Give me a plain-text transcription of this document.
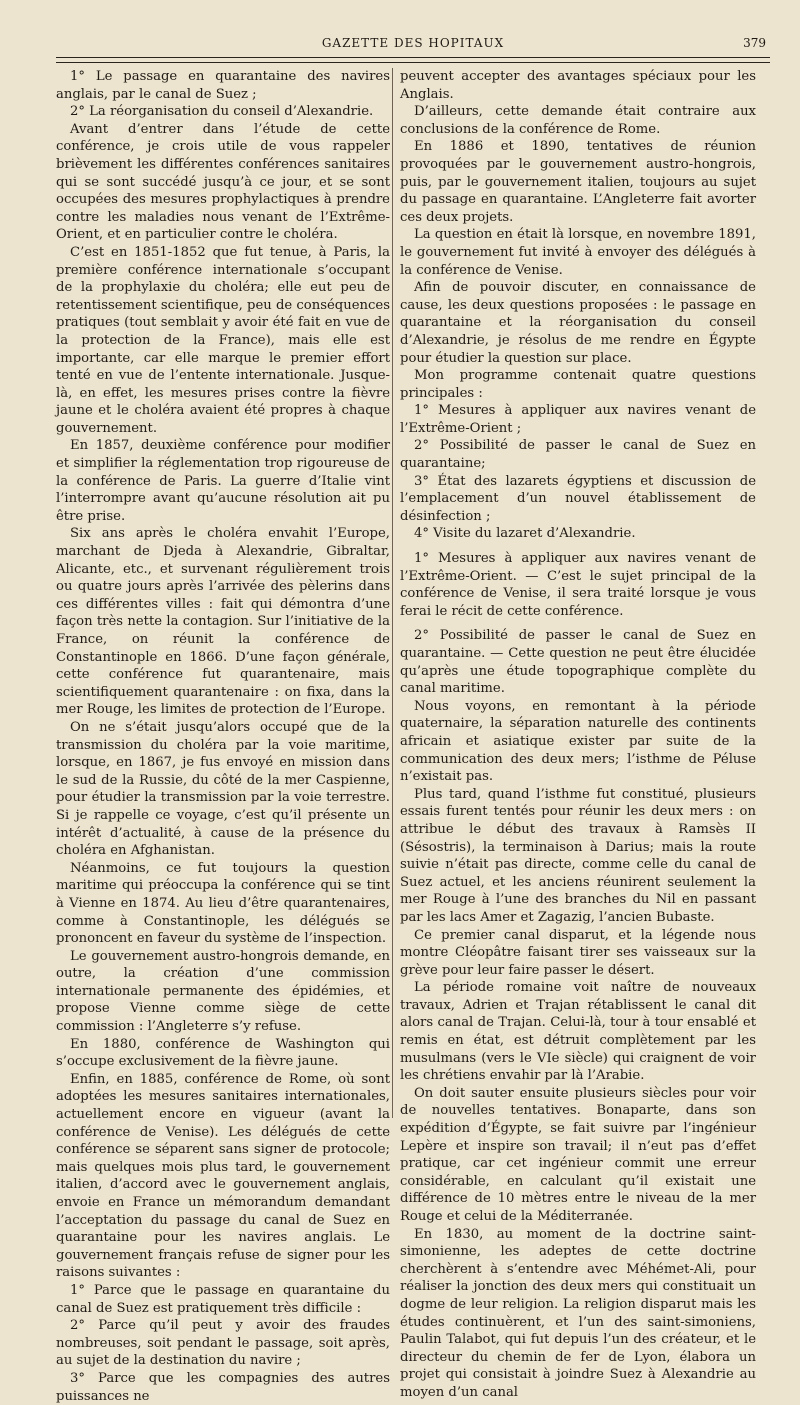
GAZETTE DES HOPITAUX	379

1° Le passage en quarantaine des navires anglais, par le canal de Suez ;

2° La réorganisation du conseil d’Alexandrie.

Avant d’entrer dans l’étude de cette conférence, je crois utile de vous rappeler brièvement les différentes conférences sanitaires qui se sont succédé jusqu’à ce jour, et se sont occupées des mesures prophylactiques à prendre contre les maladies nous venant de l’Extrême-Orient, et en particulier contre le choléra.

C’est en 1851-1852 que fut tenue, à Paris, la première conférence internationale s’occupant de la prophylaxie du choléra; elle eut peu de retentissement scientifique, peu de conséquences pratiques (tout semblait y avoir été fait en vue de la protection de la France), mais elle est importante, car elle marque le premier effort tenté en vue de l’entente internationale. Jusque-là, en effet, les mesures prises contre la fièvre jaune et le choléra avaient été propres à chaque gouvernement.

En 1857, deuxième conférence pour modifier et simplifier la réglementation trop rigoureuse de la conférence de Paris. La guerre d’Italie vint l’interrompre avant qu’aucune résolution ait pu être prise.

Six ans après le choléra envahit l’Europe, marchant de Djeda à Alexandrie, Gibraltar, Alicante, etc., et survenant régulièrement trois ou quatre jours après l’arrivée des pèlerins dans ces différentes villes : fait qui démontra d’une façon très nette la contagion. Sur l’initiative de la France, on réunit la conférence de Constantinople en 1866. D’une façon générale, cette conférence fut quarantenaire, mais scientifiquement quarantenaire : on fixa, dans la mer Rouge, les limites de protection de l’Europe.

On ne s’était jusqu’alors occupé que de la transmission du choléra par la voie maritime, lorsque, en 1867, je fus envoyé en mission dans le sud de la Russie, du côté de la mer Caspienne, pour étudier la transmission par la voie terrestre. Si je rappelle ce voyage, c’est qu’il présente un intérêt d’actualité, à cause de la présence du choléra en Afghanistan.

Néanmoins, ce fut toujours la question maritime qui préoccupa la conférence qui se tint à Vienne en 1874. Au lieu d’être quarantenaires, comme à Constantinople, les délégués se prononcent en faveur du système de l’inspection.

Le gouvernement austro-hongrois demande, en outre, la création d’une commission internationale permanente des épidémies, et propose Vienne comme siège de cette commission : l’Angleterre s’y refuse.

En 1880, conférence de Washington qui s’occupe exclusivement de la fièvre jaune.

Enfin, en 1885, conférence de Rome, où sont adoptées les mesures sanitaires internationales, actuellement encore en vigueur (avant la conférence de Venise). Les délégués de cette conférence se séparent sans signer de protocole; mais quelques mois plus tard, le gouvernement italien, d’accord avec le gouvernement anglais, envoie en France un mémorandum demandant l’acceptation du passage du canal de Suez en quarantaine pour les navires anglais. Le gouvernement français refuse de signer pour les raisons suivantes :

1° Parce que le passage en quarantaine du canal de Suez est pratiquement très difficile :

2° Parce qu’il peut y avoir des fraudes nombreuses, soit pendant le passage, soit après, au sujet de la destination du navire ;

3° Parce que les compagnies des autres puissances ne

peuvent accepter des avantages spéciaux pour les Anglais.

D’ailleurs, cette demande était contraire aux conclusions de la conférence de Rome.

En 1886 et 1890, tentatives de réunion provoquées par le gouvernement austro-hongrois, puis, par le gouvernement italien, toujours au sujet du passage en quarantaine. L’Angleterre fait avorter ces deux projets.

La question en était là lorsque, en novembre 1891, le gouvernement fut invité à envoyer des délégués à la conférence de Venise.

Afin de pouvoir discuter, en connaissance de cause, les deux questions proposées : le passage en quarantaine et la réorganisation du conseil d’Alexandrie, je résolus de me rendre en Égypte pour étudier la question sur place.

Mon programme contenait quatre questions principales :

1° Mesures à appliquer aux navires venant de l’Extrême-Orient ;

2° Possibilité de passer le canal de Suez en quarantaine;

3° État des lazarets égyptiens et discussion de l’emplacement d’un nouvel établissement de désinfection ;

4° Visite du lazaret d’Alexandrie.

1° Mesures à appliquer aux navires venant de l’Extrême-Orient. — C’est le sujet principal de la conférence de Venise, il sera traité lorsque je vous ferai le récit de cette conférence.

2° Possibilité de passer le canal de Suez en quarantaine. — Cette question ne peut être élucidée qu’après une étude topographique complète du canal maritime.

Nous voyons, en remontant à la période quaternaire, la séparation naturelle des continents africain et asiatique exister par suite de la communication des deux mers; l’isthme de Péluse n’existait pas.

Plus tard, quand l’isthme fut constitué, plusieurs essais furent tentés pour réunir les deux mers : on attribue le début des travaux à Ramsès II (Sésostris), la terminaison à Darius; mais la route suivie n’était pas directe, comme celle du canal de Suez actuel, et les anciens réunirent seulement la mer Rouge à l’une des branches du Nil en passant par les lacs Amer et Zagazig, l’ancien Bubaste.

Ce premier canal disparut, et la légende nous montre Cléopâtre faisant tirer ses vaisseaux sur la grève pour leur faire passer le désert.

La période romaine voit naître de nouveaux travaux, Adrien et Trajan rétablissent le canal dit alors canal de Trajan. Celui-là, tour à tour ensablé et remis en état, est détruit complètement par les musulmans (vers le VIe siècle) qui craignent de voir les chrétiens envahir par là l’Arabie.

On doit sauter ensuite plusieurs siècles pour voir de nouvelles tentatives. Bonaparte, dans son expédition d’Égypte, se fait suivre par l’ingénieur Lepère et inspire son travail; il n’eut pas d’effet pratique, car cet ingénieur commit une erreur considérable, en calculant qu’il existait une différence de 10 mètres entre le niveau de la mer Rouge et celui de la Méditerranée.

En 1830, au moment de la doctrine saint-simonienne, les adeptes de cette doctrine cherchèrent à s’entendre avec Méhémet-Ali, pour réaliser la jonction des deux mers qui constituait un dogme de leur religion. La religion disparut mais les études continuèrent, et l’un des saint-simoniens, Paulin Talabot, qui fut depuis l’un des créateur, et le directeur du chemin de fer de Lyon, élabora un projet qui consistait à joindre Suez à Alexandrie au moyen d’un canal
